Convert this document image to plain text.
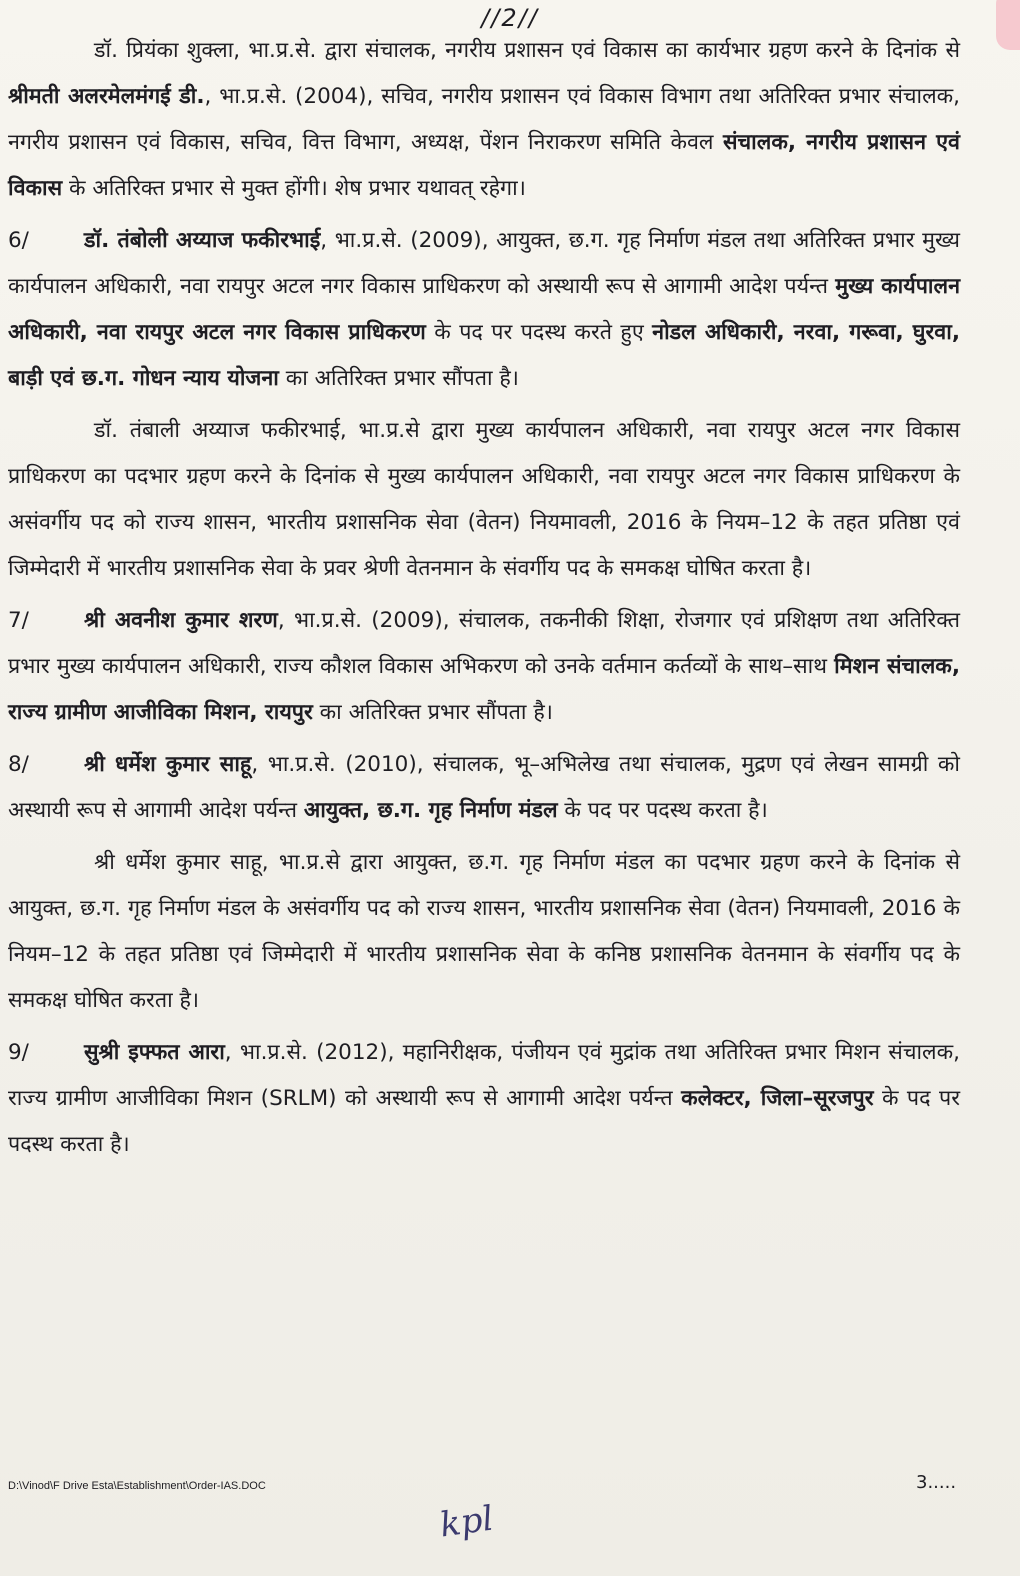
//2//

डॉ. प्रियंका शुक्ला, भा.प्र.से. द्वारा संचालक, नगरीय प्रशासन एवं विकास का कार्यभार ग्रहण करने के दिनांक से श्रीमती अलरमेलमंगई डी., भा.प्र.से. (2004), सचिव, नगरीय प्रशासन एवं विकास विभाग तथा अतिरिक्त प्रभार संचालक, नगरीय प्रशासन एवं विकास, सचिव, वित्त विभाग, अध्यक्ष, पेंशन निराकरण समिति केवल संचालक, नगरीय प्रशासन एवं विकास के अतिरिक्त प्रभार से मुक्त होंगी। शेष प्रभार यथावत् रहेगा।

6/	डॉ. तंबोली अय्याज फकीरभाई, भा.प्र.से. (2009), आयुक्त, छ.ग. गृह निर्माण मंडल तथा अतिरिक्त प्रभार मुख्य कार्यपालन अधिकारी, नवा रायपुर अटल नगर विकास प्राधिकरण को अस्थायी रूप से आगामी आदेश पर्यन्त मुख्य कार्यपालन अधिकारी, नवा रायपुर अटल नगर विकास प्राधिकरण के पद पर पदस्थ करते हुए नोडल अधिकारी, नरवा, गरूवा, घुरवा, बाड़ी एवं छ.ग. गोधन न्याय योजना का अतिरिक्त प्रभार सौंपता है।

डॉ. तंबाली अय्याज फकीरभाई, भा.प्र.से द्वारा मुख्य कार्यपालन अधिकारी, नवा रायपुर अटल नगर विकास प्राधिकरण का पदभार ग्रहण करने के दिनांक से मुख्य कार्यपालन अधिकारी, नवा रायपुर अटल नगर विकास प्राधिकरण के असंवर्गीय पद को राज्य शासन, भारतीय प्रशासनिक सेवा (वेतन) नियमावली, 2016 के नियम–12 के तहत प्रतिष्ठा एवं जिम्मेदारी में भारतीय प्रशासनिक सेवा के प्रवर श्रेणी वेतनमान के संवर्गीय पद के समकक्ष घोषित करता है।

7/	श्री अवनीश कुमार शरण, भा.प्र.से. (2009), संचालक, तकनीकी शिक्षा, रोजगार एवं प्रशिक्षण तथा अतिरिक्त प्रभार मुख्य कार्यपालन अधिकारी, राज्य कौशल विकास अभिकरण को उनके वर्तमान कर्तव्यों के साथ–साथ मिशन संचालक, राज्य ग्रामीण आजीविका मिशन, रायपुर का अतिरिक्त प्रभार सौंपता है।

8/	श्री धर्मेश कुमार साहू, भा.प्र.से. (2010), संचालक, भू–अभिलेख तथा संचालक, मुद्रण एवं लेखन सामग्री को अस्थायी रूप से आगामी आदेश पर्यन्त आयुक्त, छ.ग. गृह निर्माण मंडल के पद पर पदस्थ करता है।

श्री धर्मेश कुमार साहू, भा.प्र.से द्वारा आयुक्त, छ.ग. गृह निर्माण मंडल का पदभार ग्रहण करने के दिनांक से आयुक्त, छ.ग. गृह निर्माण मंडल के असंवर्गीय पद को राज्य शासन, भारतीय प्रशासनिक सेवा (वेतन) नियमावली, 2016 के नियम–12 के तहत प्रतिष्ठा एवं जिम्मेदारी में भारतीय प्रशासनिक सेवा के कनिष्ठ प्रशासनिक वेतनमान के संवर्गीय पद के समकक्ष घोषित करता है।

9/	सुश्री इफ्फत आरा, भा.प्र.से. (2012), महानिरीक्षक, पंजीयन एवं मुद्रांक तथा अतिरिक्त प्रभार मिशन संचालक, राज्य ग्रामीण आजीविका मिशन (SRLM) को अस्थायी रूप से आगामी आदेश पर्यन्त कलेक्टर, जिला–सूरजपुर के पद पर पदस्थ करता है।

D:\Vinod\F Drive Esta\Establishment\Order-IAS.DOC	3.....
kpl
